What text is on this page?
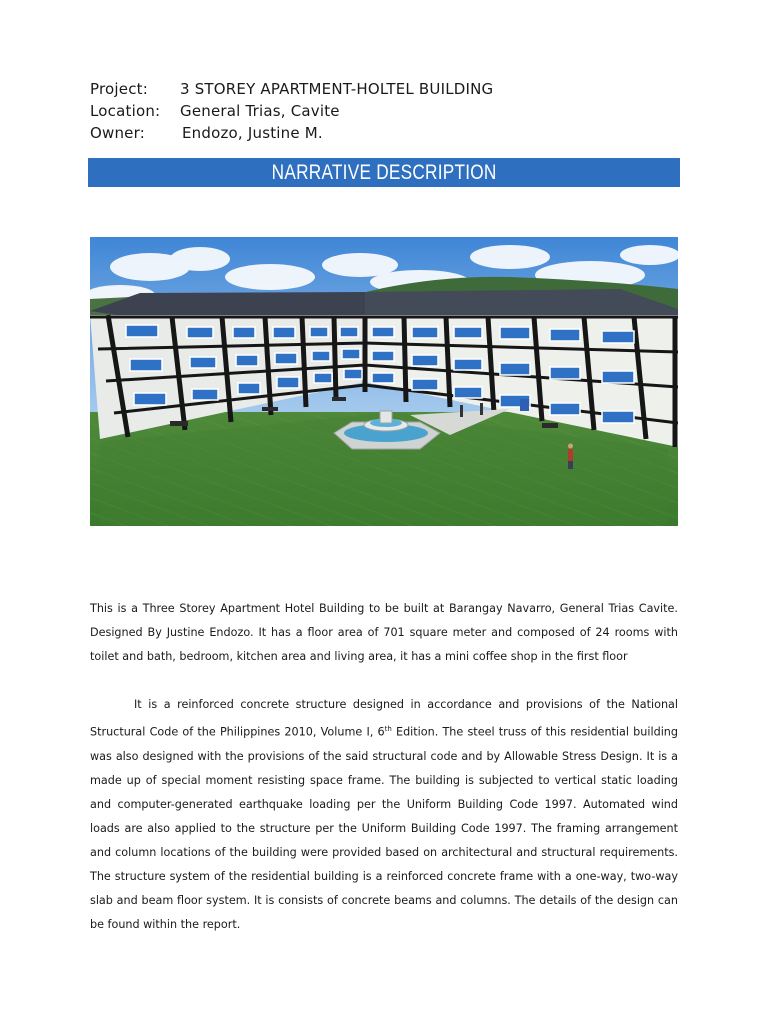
Project: 3 STOREY APARTMENT-HOLTEL BUILDING
Location: General Trias, Cavite
Owner: Endozo, Justine M.
NARRATIVE DESCRIPTION

This is a Three Storey Apartment Hotel Building to be built at Barangay Navarro, General Trias Cavite. Designed By Justine Endozo. It has a floor area of 701 square meter and composed of 24 rooms with toilet and bath, bedroom, kitchen area and living area, it has a mini coffee shop in the first floor

It is a reinforced concrete structure designed in accordance and provisions of the National Structural Code of the Philippines 2010, Volume I, 6th Edition. The steel truss of this residential building was also designed with the provisions of the said structural code and by Allowable Stress Design. It is a made up of special moment resisting space frame. The building is subjected to vertical static loading and computer-generated earthquake loading per the Uniform Building Code 1997. Automated wind loads are also applied to the structure per the Uniform Building Code 1997. The framing arrangement and column locations of the building were provided based on architectural and structural requirements. The structure system of the residential building is a reinforced concrete frame with a one-way, two-way slab and beam floor system. It is consists of concrete beams and columns. The details of the design can be found within the report.
